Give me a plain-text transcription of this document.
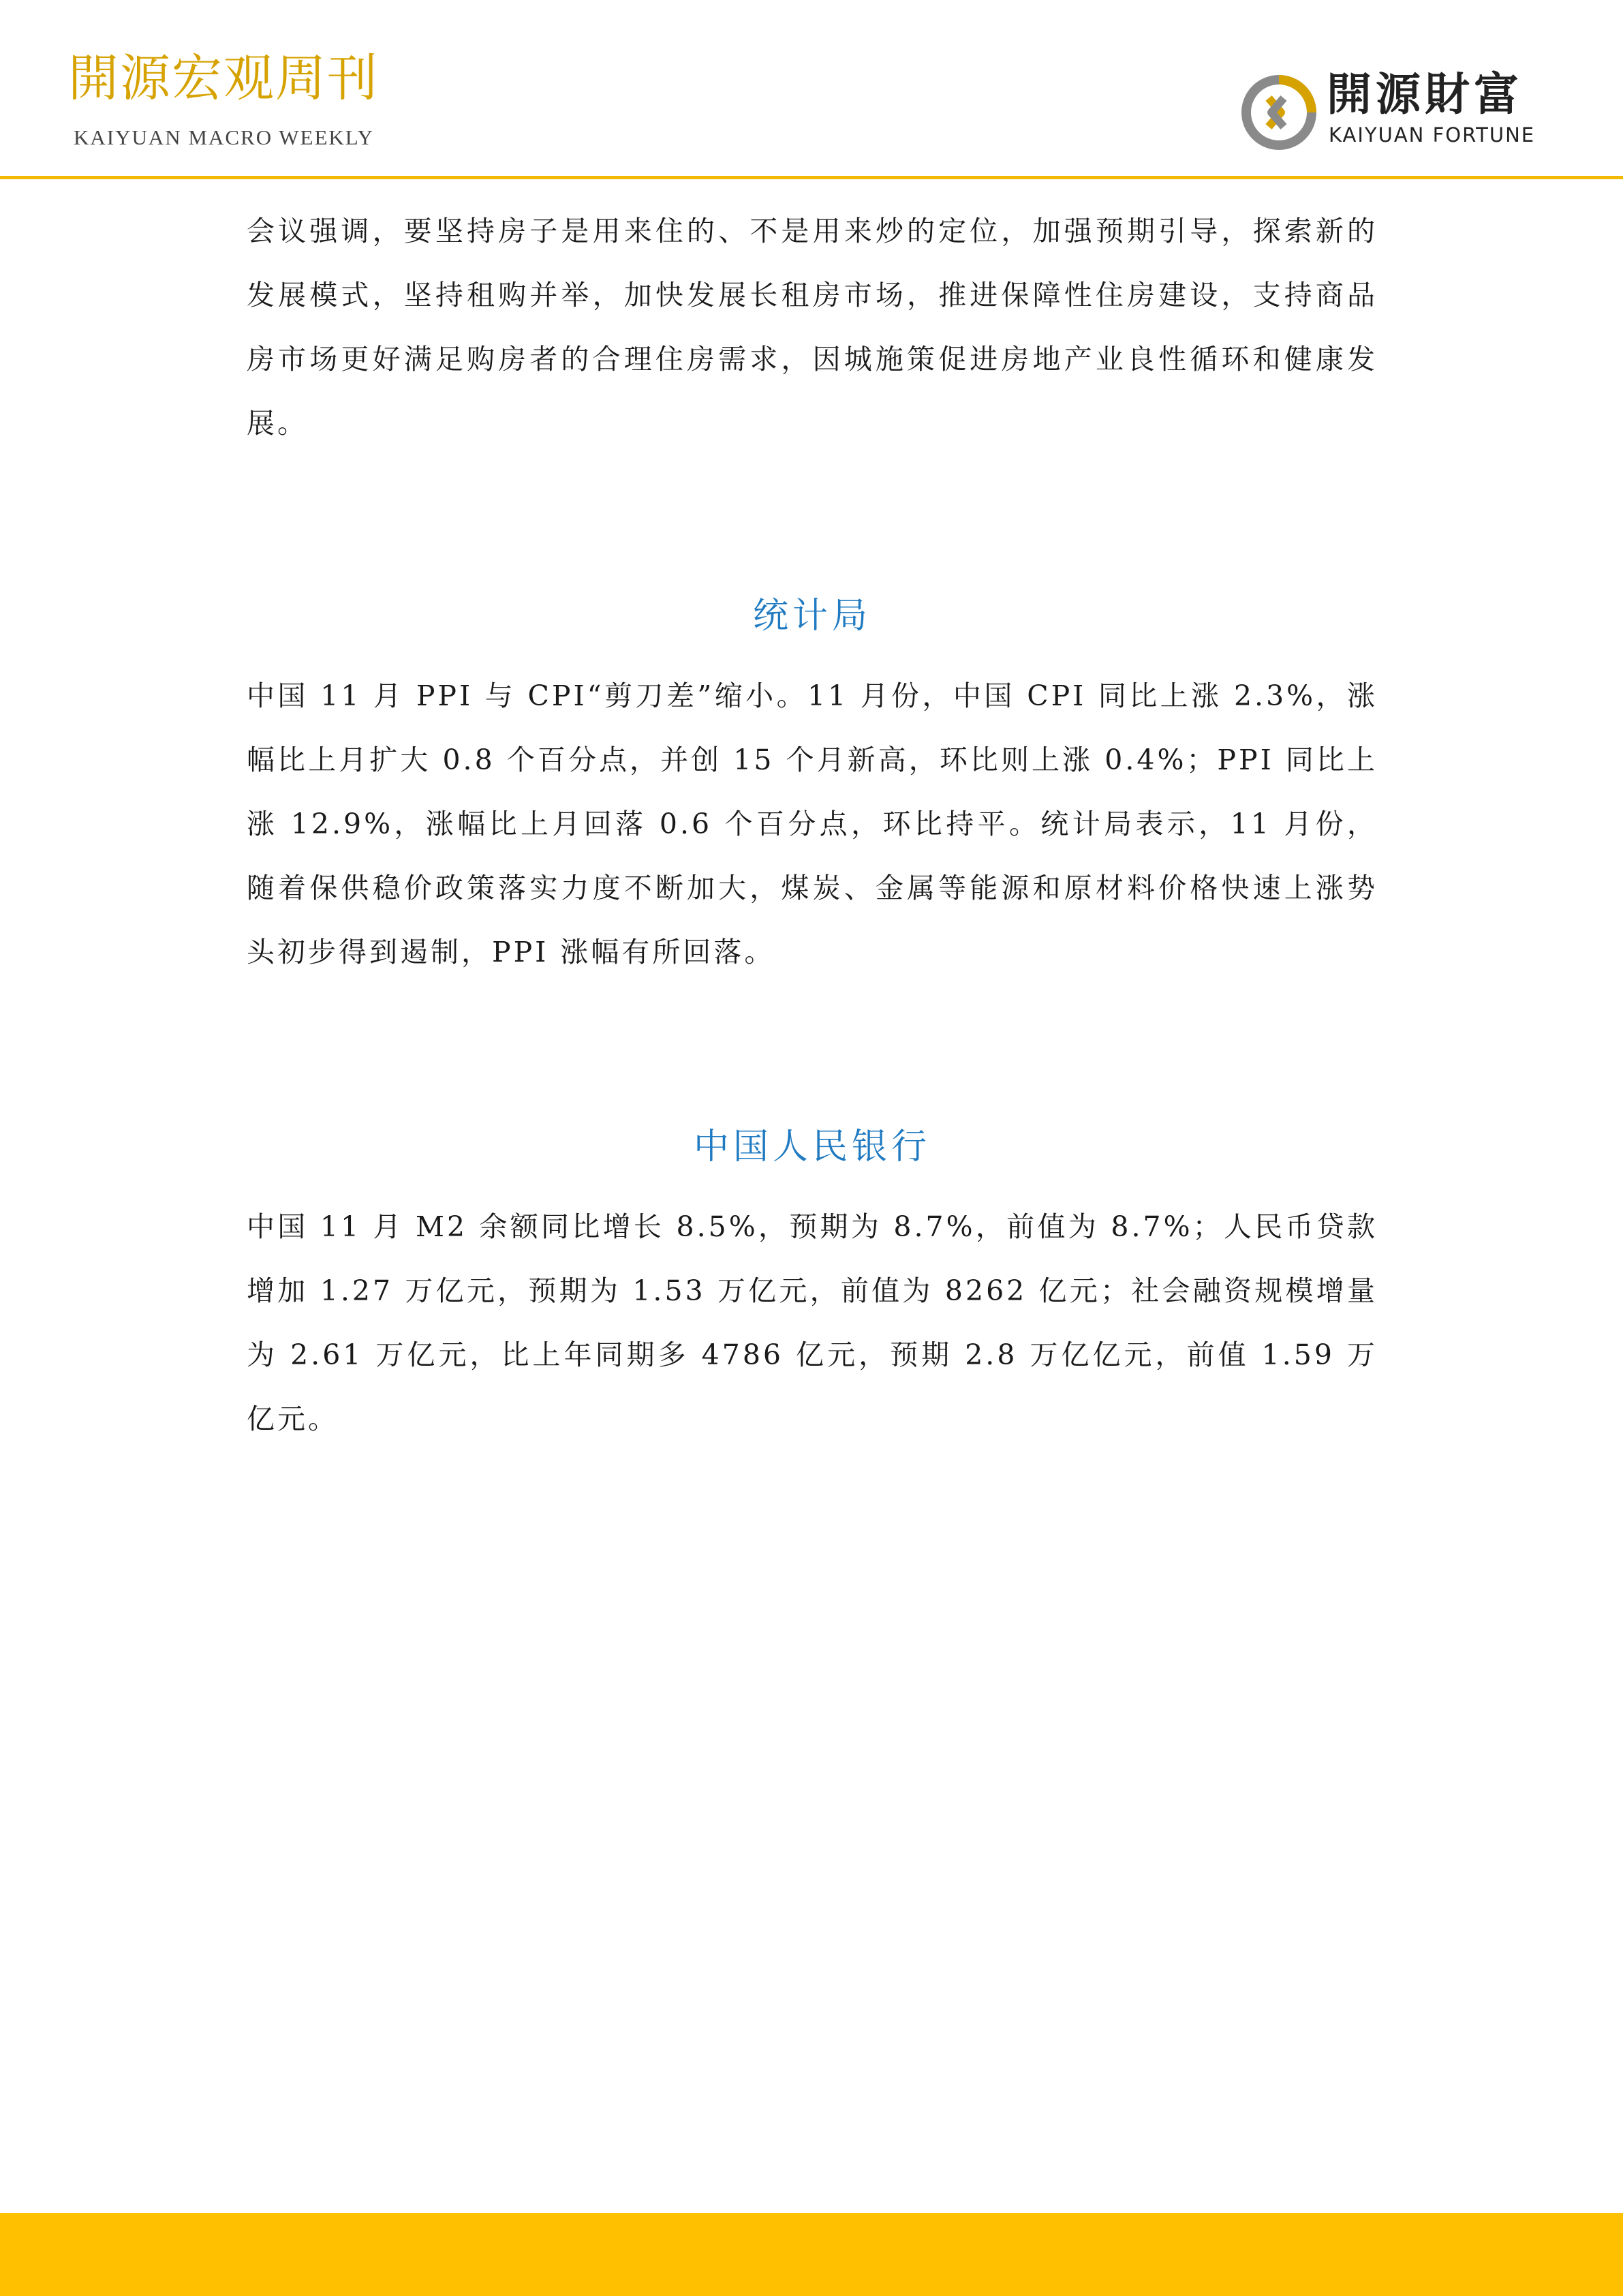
開源宏观周刊
KAIYUAN MACRO WEEKLY
開源財富
KAIYUAN FORTUNE

会议强调，要坚持房子是用来住的、不是用来炒的定位，加强预期引导，探索新的发展模式，坚持租购并举，加快发展长租房市场，推进保障性住房建设，支持商品房市场更好满足购房者的合理住房需求，因城施策促进房地产业良性循环和健康发展。

统计局

中国 11 月 PPI 与 CPI“剪刀差”缩小。11 月份，中国 CPI 同比上涨 2.3%，涨幅比上月扩大 0.8 个百分点，并创 15 个月新高，环比则上涨 0.4%；PPI 同比上涨 12.9%，涨幅比上月回落 0.6 个百分点，环比持平。统计局表示，11 月份，随着保供稳价政策落实力度不断加大，煤炭、金属等能源和原材料价格快速上涨势头初步得到遏制，PPI 涨幅有所回落。

中国人民银行

中国 11 月 M2 余额同比增长 8.5%，预期为 8.7%，前值为 8.7%；人民币贷款增加 1.27 万亿元，预期为 1.53 万亿元，前值为 8262 亿元；社会融资规模增量为 2.61 万亿元，比上年同期多 4786 亿元，预期 2.8 万亿亿元，前值 1.59 万亿元。
